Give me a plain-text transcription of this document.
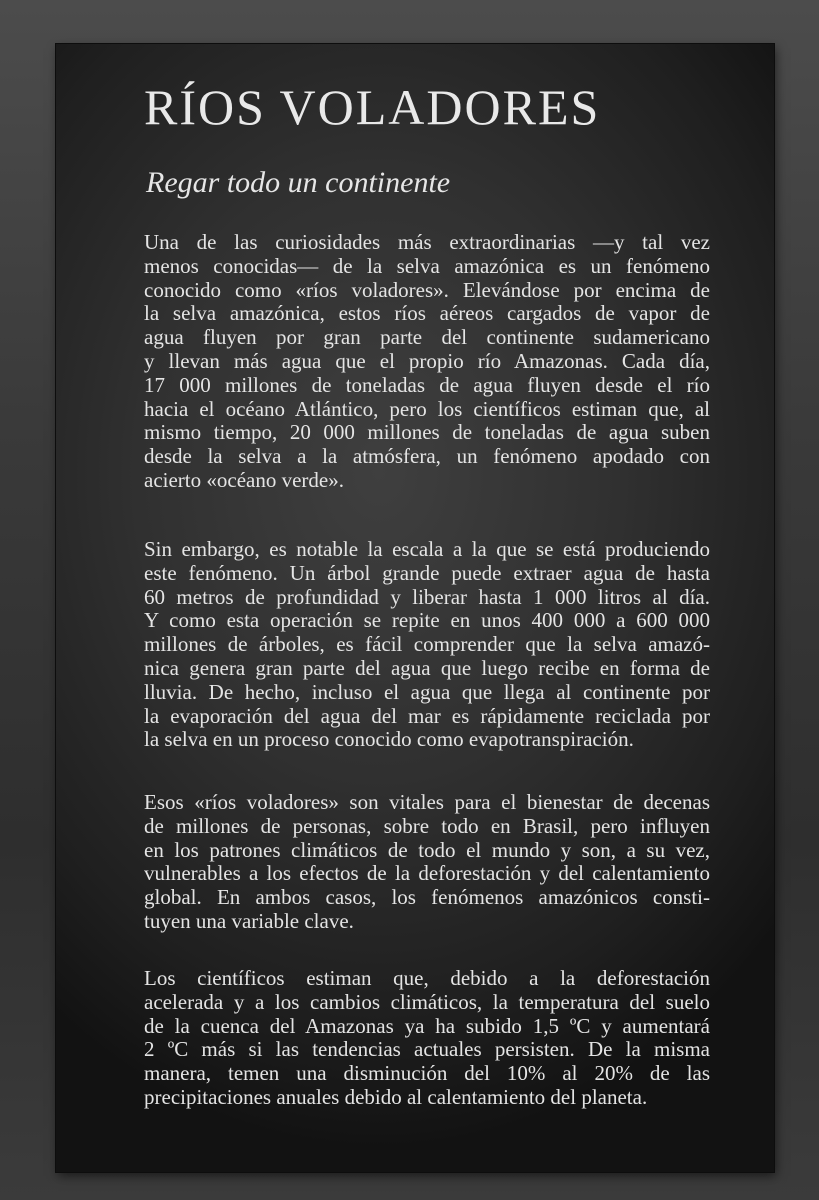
RÍOS VOLADORES
Regar todo un continente
Una de las curiosidades más extraordinarias —y tal vez
menos conocidas— de la selva amazónica es un fenómeno
conocido como «ríos voladores». Elevándose por encima de
la selva amazónica, estos ríos aéreos cargados de vapor de
agua fluyen por gran parte del continente sudamericano
y llevan más agua que el propio río Amazonas. Cada día,
17 000 millones de toneladas de agua fluyen desde el río
hacia el océano Atlántico, pero los científicos estiman que, al
mismo tiempo, 20 000 millones de toneladas de agua suben
desde la selva a la atmósfera, un fenómeno apodado con
acierto «océano verde».
Sin embargo, es notable la escala a la que se está produciendo
este fenómeno. Un árbol grande puede extraer agua de hasta
60 metros de profundidad y liberar hasta 1 000 litros al día.
Y como esta operación se repite en unos 400 000 a 600 000
millones de árboles, es fácil comprender que la selva amazó-
nica genera gran parte del agua que luego recibe en forma de
lluvia. De hecho, incluso el agua que llega al continente por
la evaporación del agua del mar es rápidamente reciclada por
la selva en un proceso conocido como evapotranspiración.
Esos «ríos voladores» son vitales para el bienestar de decenas
de millones de personas, sobre todo en Brasil, pero influyen
en los patrones climáticos de todo el mundo y son, a su vez,
vulnerables a los efectos de la deforestación y del calentamiento
global. En ambos casos, los fenómenos amazónicos consti-
tuyen una variable clave.
Los científicos estiman que, debido a la deforestación
acelerada y a los cambios climáticos, la temperatura del suelo
de la cuenca del Amazonas ya ha subido 1,5 ºC y aumentará
2 ºC más si las tendencias actuales persisten. De la misma
manera, temen una disminución del 10% al 20% de las
precipitaciones anuales debido al calentamiento del planeta.
